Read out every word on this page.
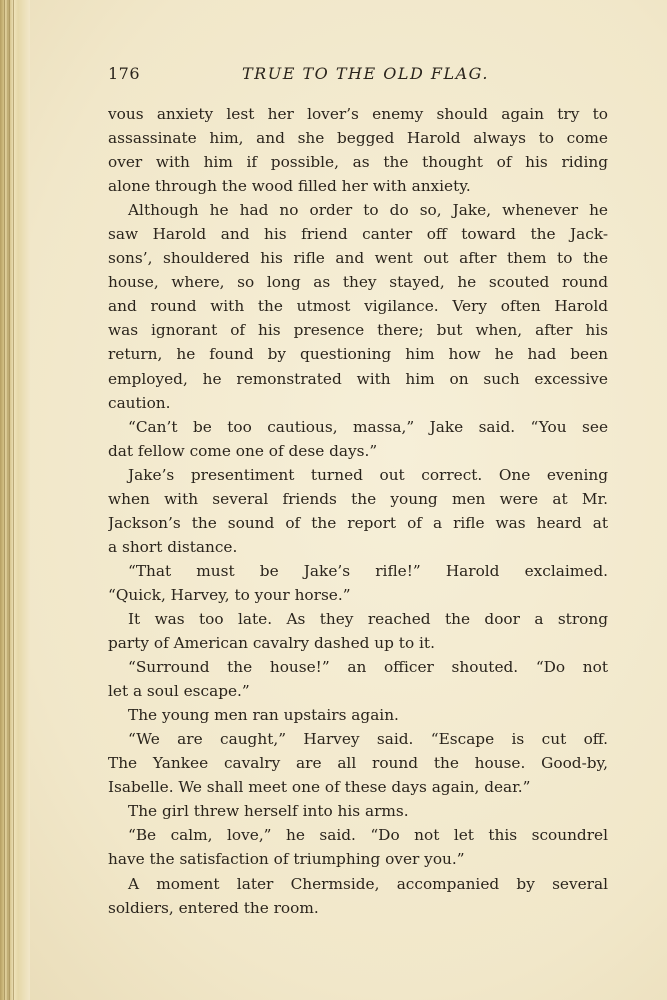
176	TRUE TO THE OLD FLAG.
vous anxiety lest her lover’s enemy should again try to
assassinate him, and she begged Harold always to come
over with him if possible, as the thought of his riding
alone through the wood filled her with anxiety.
Although he had no order to do so, Jake, whenever he
saw Harold and his friend canter off toward the Jack-
sons’, shouldered his rifle and went out after them to the
house, where, so long as they stayed, he scouted round
and round with the utmost vigilance. Very often Harold
was ignorant of his presence there; but when, after his
return, he found by questioning him how he had been
employed, he remonstrated with him on such excessive
caution.
“Can’t be too cautious, massa,” Jake said. “You see
dat fellow come one of dese days.”
Jake’s presentiment turned out correct. One evening
when with several friends the young men were at Mr.
Jackson’s the sound of the report of a rifle was heard at
a short distance.
“That must be Jake’s rifle!” Harold exclaimed.
“Quick, Harvey, to your horse.”
It was too late. As they reached the door a strong
party of American cavalry dashed up to it.
“Surround the house!” an officer shouted. “Do not
let a soul escape.”
The young men ran upstairs again.
“We are caught,” Harvey said. “Escape is cut off.
The Yankee cavalry are all round the house. Good-by,
Isabelle. We shall meet one of these days again, dear.”
The girl threw herself into his arms.
“Be calm, love,” he said. “Do not let this scoundrel
have the satisfaction of triumphing over you.”
A moment later Chermside, accompanied by several
soldiers, entered the room.
